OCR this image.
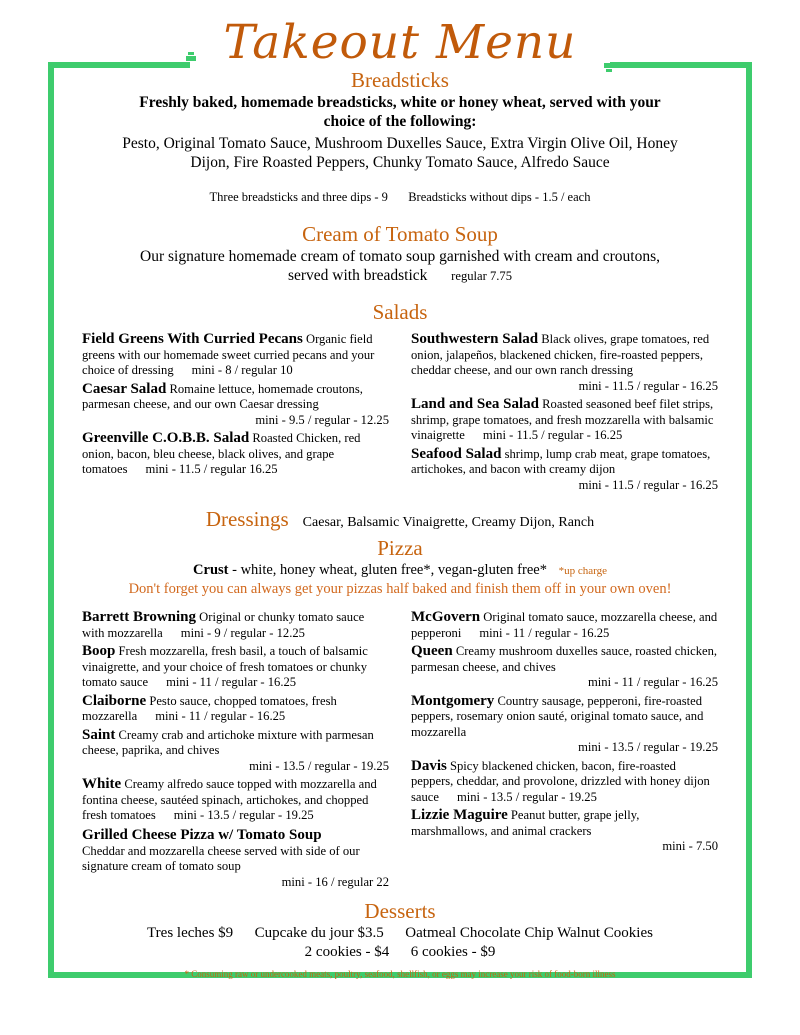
Takeout Menu
Breadsticks
Freshly baked, homemade breadsticks, white or honey wheat, served with your
choice of the following:
Pesto, Original Tomato Sauce, Mushroom Duxelles Sauce, Extra Virgin Olive Oil, Honey
Dijon, Fire Roasted Peppers, Chunky Tomato Sauce, Alfredo Sauce
Three breadsticks and three dips - 9 Breadsticks without dips - 1.5 / each
Cream of Tomato Soup
Our signature homemade cream of tomato soup garnished with cream and croutons,
served with breadstick regular 7.75
Salads
Field Greens With Curried Pecans Organic field greens with our homemade sweet curried pecans and your choice of dressing mini - 8 / regular 10
Caesar Salad Romaine lettuce, homemade croutons, parmesan cheese, and our own Caesar dressing
mini - 9.5 / regular - 12.25
Greenville C.O.B.B. Salad Roasted Chicken, red onion, bacon, bleu cheese, black olives, and grape tomatoes mini - 11.5 / regular 16.25
Southwestern Salad Black olives, grape tomatoes, red onion, jalapeños, blackened chicken, fire-roasted peppers, cheddar cheese, and our own ranch dressing
mini - 11.5 / regular - 16.25
Land and Sea Salad Roasted seasoned beef filet strips, shrimp, grape tomatoes, and fresh mozzarella with balsamic vinaigrette mini - 11.5 / regular - 16.25
Seafood Salad shrimp, lump crab meat, grape tomatoes, artichokes, and bacon with creamy dijon
mini - 11.5 / regular - 16.25
Dressings Caesar, Balsamic Vinaigrette, Creamy Dijon, Ranch
Pizza
Crust - white, honey wheat, gluten free*, vegan-gluten free* *up charge
Don't forget you can always get your pizzas half baked and finish them off in your own oven!
Barrett Browning Original or chunky tomato sauce with mozzarella mini - 9 / regular - 12.25
Boop Fresh mozzarella, fresh basil, a touch of balsamic vinaigrette, and your choice of fresh tomatoes or chunky tomato sauce mini - 11 / regular - 16.25
Claiborne Pesto sauce, chopped tomatoes, fresh mozzarella mini - 11 / regular - 16.25
Saint Creamy crab and artichoke mixture with parmesan cheese, paprika, and chives
mini - 13.5 / regular - 19.25
White Creamy alfredo sauce topped with mozzarella and fontina cheese, sautéed spinach, artichokes, and chopped fresh tomatoes mini - 13.5 / regular - 19.25
Grilled Cheese Pizza w/ Tomato Soup
Cheddar and mozzarella cheese served with side of our signature cream of tomato soup
mini - 16 / regular 22
McGovern Original tomato sauce, mozzarella cheese, and pepperoni mini - 11 / regular - 16.25
Queen Creamy mushroom duxelles sauce, roasted chicken, parmesan cheese, and chives
mini - 11 / regular - 16.25
Montgomery Country sausage, pepperoni, fire-roasted peppers, rosemary onion sauté, original tomato sauce, and mozzarella
mini - 13.5 / regular - 19.25
Davis Spicy blackened chicken, bacon, fire-roasted peppers, cheddar, and provolone, drizzled with honey dijon sauce mini - 13.5 / regular - 19.25
Lizzie Maguire Peanut butter, grape jelly, marshmallows, and animal crackers
mini - 7.50
Desserts
Tres leches $9 Cupcake du jour $3.5 Oatmeal Chocolate Chip Walnut Cookies
2 cookies - $4 6 cookies - $9
* Consuming raw or undercooked meats, poultry, seafood, shellfish, or eggs may increase your risk of food-born illness
